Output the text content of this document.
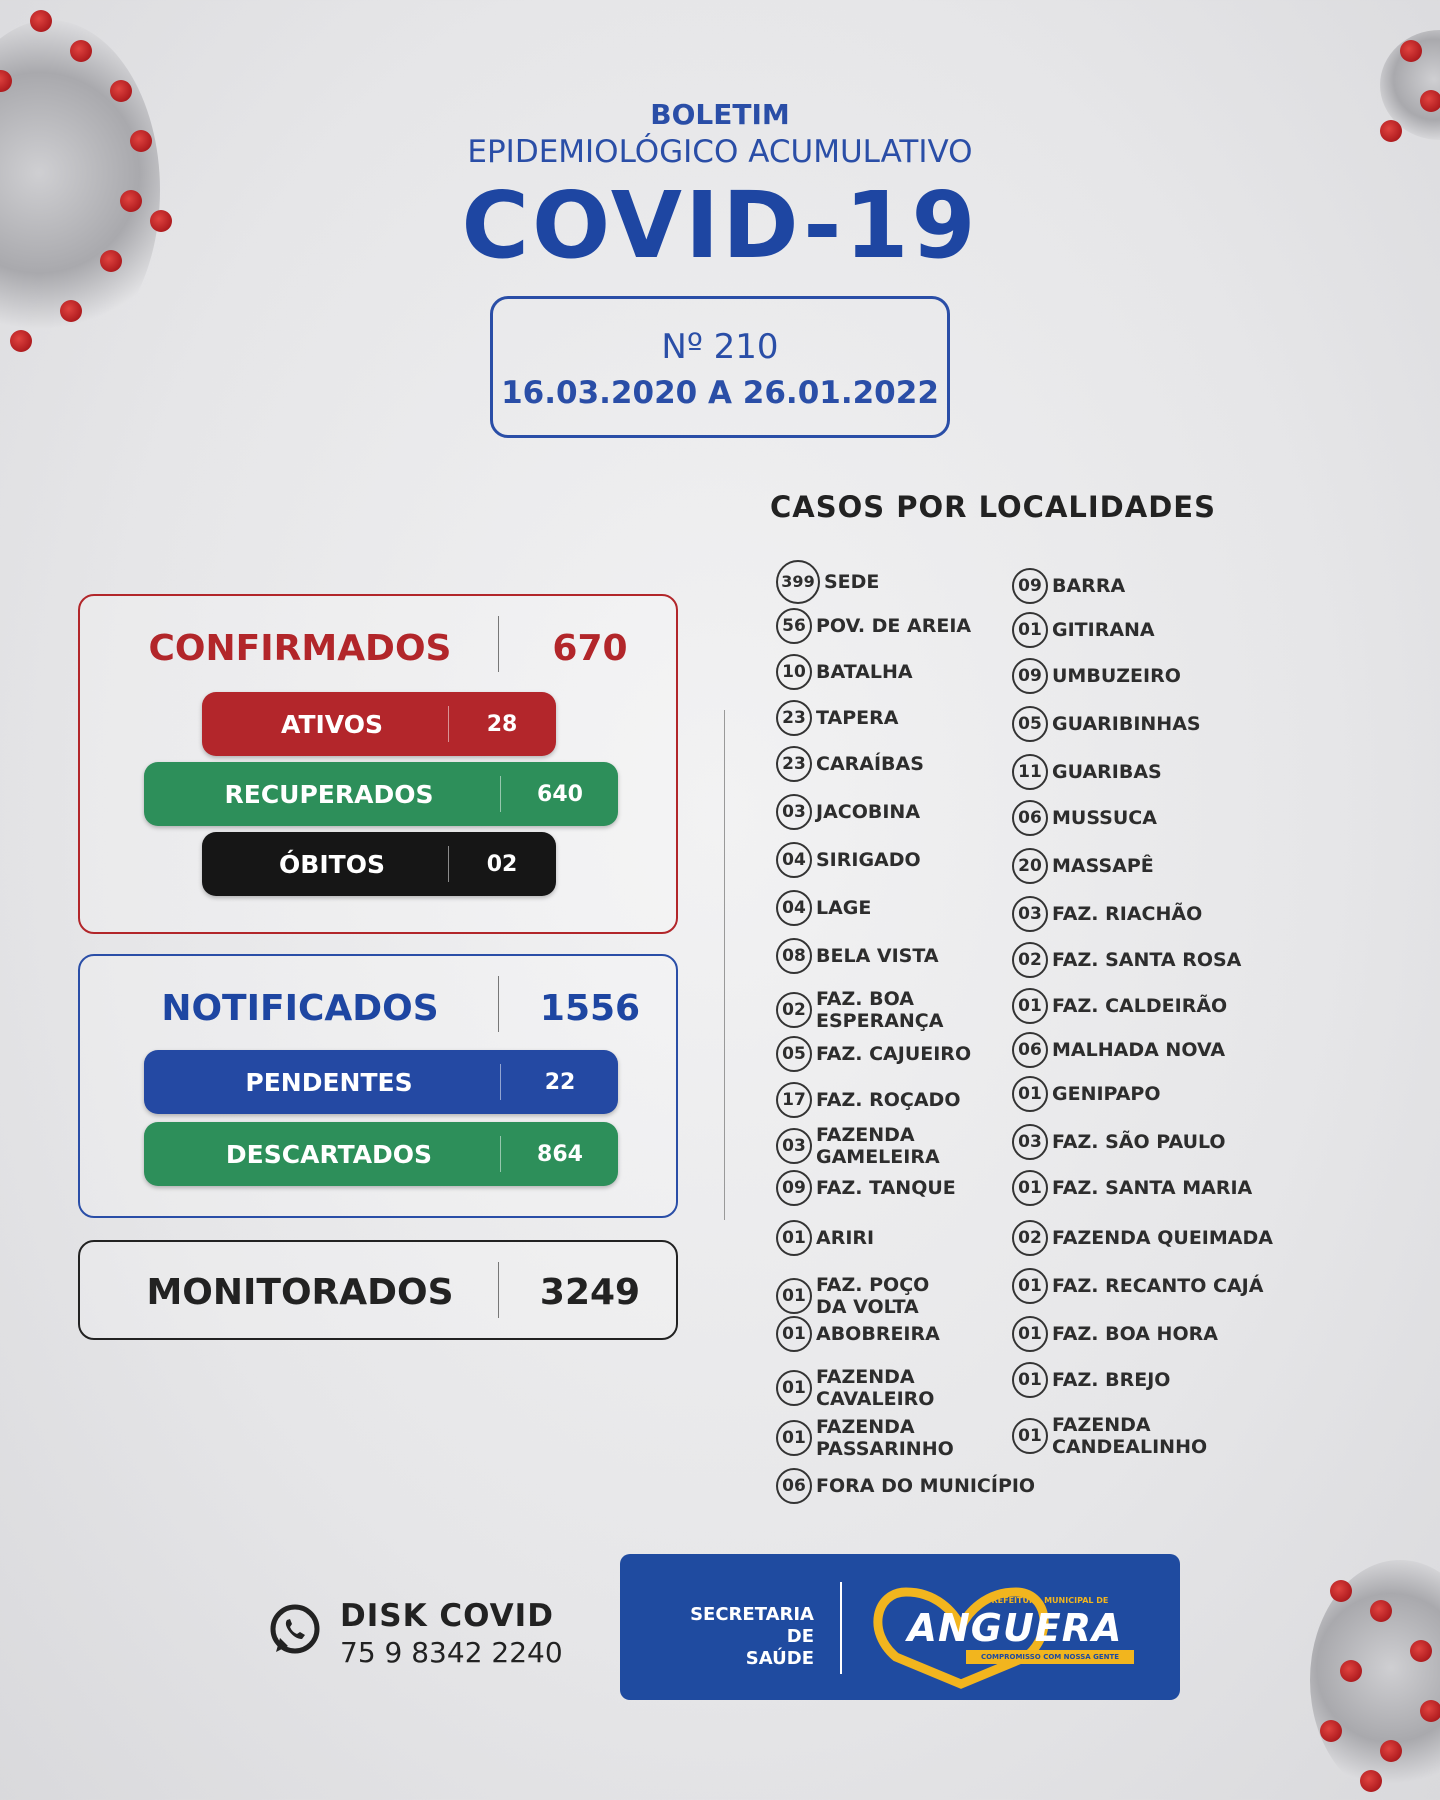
BOLETIM
EPIDEMIOLÓGICO ACUMULATIVO
COVID-19
Nº 210
16.03.2020 A 26.01.2022
CONFIRMADOS	670
ATIVOS	28
RECUPERADOS	640
ÓBITOS	02
NOTIFICADOS	1556
PENDENTES	22
DESCARTADOS	864
MONITORADOS	3249
CASOS POR LOCALIDADES
399 SEDE
56 POV. DE AREIA
10 BATALHA
23 TAPERA
23 CARAÍBAS
03 JACOBINA
04 SIRIGADO
04 LAGE
08 BELA VISTA
02 FAZ. BOA
ESPERANÇA
05 FAZ. CAJUEIRO
17 FAZ. ROÇADO
03 FAZENDA
GAMELEIRA
09 FAZ. TANQUE
01 ARIRI
01 FAZ. POÇO
DA VOLTA
01 ABOBREIRA
01 FAZENDA
CAVALEIRO
01 FAZENDA
PASSARINHO
06 FORA DO MUNICÍPIO
09 BARRA
01 GITIRANA
09 UMBUZEIRO
05 GUARIBINHAS
11 GUARIBAS
06 MUSSUCA
20 MASSAPÊ
03 FAZ. RIACHÃO
02 FAZ. SANTA ROSA
01 FAZ. CALDEIRÃO
06 MALHADA NOVA
01 GENIPAPO
03 FAZ. SÃO PAULO
01 FAZ. SANTA MARIA
02 FAZENDA QUEIMADA
01 FAZ. RECANTO CAJÁ
01 FAZ. BOA HORA
01 FAZ. BREJO
01 FAZENDA
CANDEALINHO
DISK COVID
75 9 8342 2240
SECRETARIA DE
SAÚDE
PREFEITURA MUNICIPAL DE
ANGUERA
COMPROMISSO COM NOSSA GENTE
